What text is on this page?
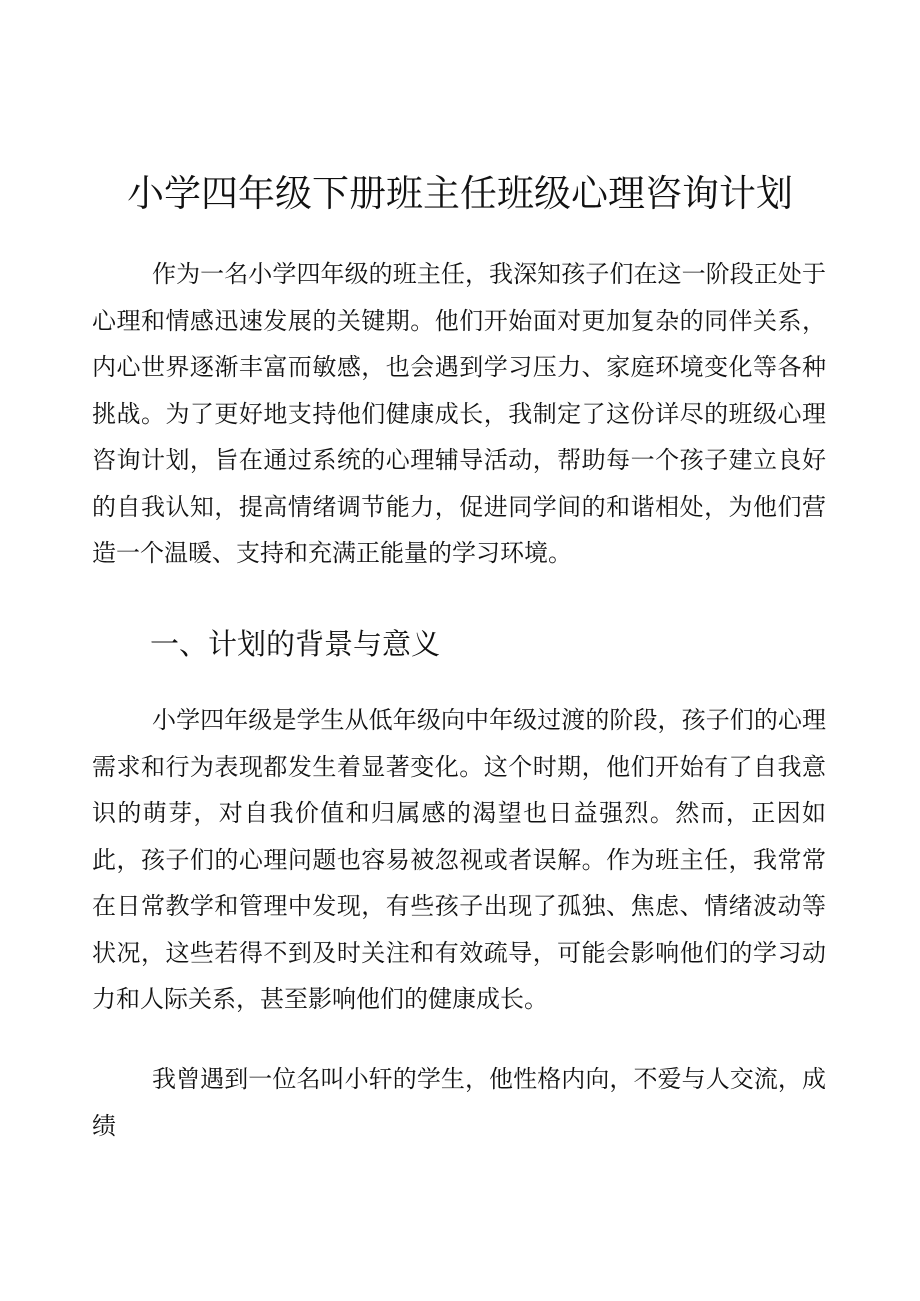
小学四年级下册班主任班级心理咨询计划

作为一名小学四年级的班主任，我深知孩子们在这一阶段正处于心理和情感迅速发展的关键期。他们开始面对更加复杂的同伴关系，内心世界逐渐丰富而敏感，也会遇到学习压力、家庭环境变化等各种挑战。为了更好地支持他们健康成长，我制定了这份详尽的班级心理咨询计划，旨在通过系统的心理辅导活动，帮助每一个孩子建立良好的自我认知，提高情绪调节能力，促进同学间的和谐相处，为他们营造一个温暖、支持和充满正能量的学习环境。

一、计划的背景与意义

小学四年级是学生从低年级向中年级过渡的阶段，孩子们的心理需求和行为表现都发生着显著变化。这个时期，他们开始有了自我意识的萌芽，对自我价值和归属感的渴望也日益强烈。然而，正因如此，孩子们的心理问题也容易被忽视或者误解。作为班主任，我常常在日常教学和管理中发现，有些孩子出现了孤独、焦虑、情绪波动等状况，这些若得不到及时关注和有效疏导，可能会影响他们的学习动力和人际关系，甚至影响他们的健康成长。

我曾遇到一位名叫小轩的学生，他性格内向，不爱与人交流，成绩
